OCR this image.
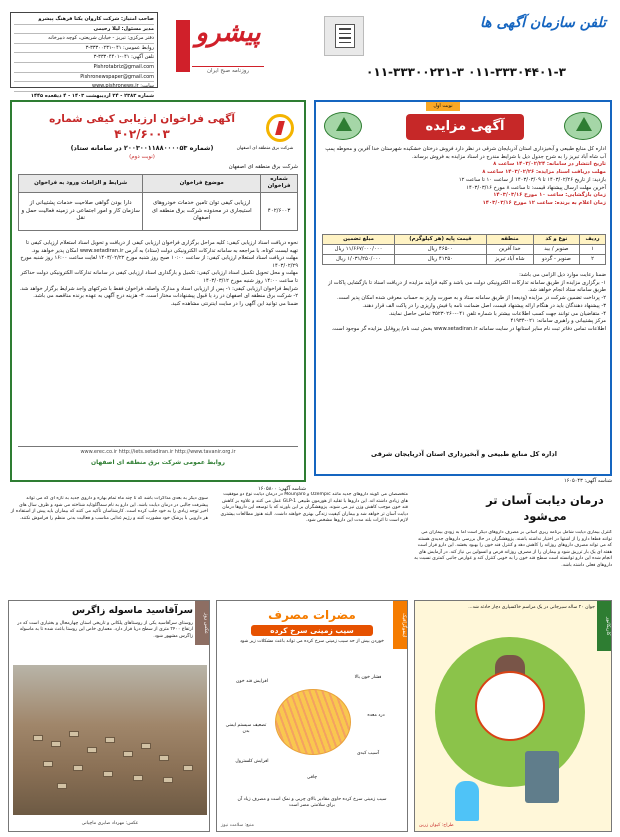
صاحب امتیاز: شرکت کاروان یکتا فرهنگ پیشرو
مدیر مسئول: لیلا رحیمی
دفتر مرکزی: تبریز - خیابان شریعتی، کوچه دبیرخانه
روابط عمومی: ۰۴۱-۳۳۳۰۰۲۳۱-۳
تلفن آگهی: ۰۴۱-۳۳۳۰۴۴۰۱-۳
Pishrotabriz@gmail.com
Pishronewspaper@gmail.com
سایت: www.pishronews.ir
شماره ۲۳۸۳ - ۲۴ اردیبهشت ۱۴۰۳ - ۴ ذیقعده ۱۴۴۵
پیشرو
روزنامه صبح ایران
تلفن سازمان آگهی ها
۰۱۱-۳۳۳۰۰۲۳۱-۳ ۰۱۱-۳۳۳۰۴۴۰۱-۳
شرکت برق منطقه ای اصفهان
آگهی فراخوان ارزیابی کیفی شماره
۴۰۲/۶۰۰۳
(شماره ۲۰۰۳۰۰۱۱۸۸۰۰۰۰۵۳ در سامانه ستاد)
(نوبت دوم)
شرکت برق منطقه ای اصفهان
شماره فراخوان	موضوع فراخوان	شرایط و الزامات ورود به فراخوان
۴۰۲/۶۰۰۳	ارزیابی کیفی توان تامین خدمات خودروهای استیجاری در محدوده شرکت برق منطقه ای اصفهان	دارا بودن گواهی صلاحیت خدمات پشتیبانی از سازمان کار و امور اجتماعی در زمینه فعالیت حمل و نقل

نحوه دریافت اسناد ارزیابی کیفی: کلیه مراحل برگزاری فراخوان ارزیابی کیفی از دریافت و تحویل اسناد استعلام ارزیابی کیفی تا تهیه لیست کوتاه، با مراجعه به سامانه تدارکات الکترونیکی دولت (ستاد) به آدرس www.setadiran.ir امکان پذیر خواهد بود.

مهلت دریافت اسناد استعلام ارزیابی کیفی: از ساعت ۱۰:۰۰ صبح روز شنبه مورخ ۱۴۰۳/۰۲/۲۲ لغایت ساعت ۱۶:۰۰ روز شنبه مورخ ۱۴۰۳/۰۲/۲۹

مهلت و محل تحویل تکمیل اسناد ارزیابی کیفی: تکمیل و بارگذاری اسناد ارزیابی کیفی در سامانه تدارکات الکترونیکی دولت حداکثر تا ساعت ۱۴:۰۰ روز شنبه مورخ ۱۴۰۳/۰۳/۱۲

شرایط فراخوان ارزیابی کیفی: ۱- پس از ارزیابی اسناد و مدارک واصله، فراخوان فقط با شرکتهای واجد شرایط برگزار خواهد شد. ۲- شرکت برق منطقه ای اصفهان در رد یا قبول پیشنهادات مختار است. ۳- هزینه درج آگهی به عهده برنده مناقصه می باشد.

ضمنا می توانید این آگهی را در سایت اینترنتی مشاهده کنید.

www.erec.co.ir http://iets.setadiran.ir http://www.tavanir.org.ir
روابط عمومی شرکت برق منطقه ای اصفهان
شناسه آگهی: ۱۶۰۵۸۰۰
نوبت اول
آگهی مزایده

اداره کل منابع طبیعی و آبخیزداری استان آذربایجان شرقی در نظر دارد فروش درختان خشکیده شهرستان خدا آفرین و محوطه پمپ آب شاه آباد تبریز را به شرح جدول ذیل با شرایط مندرج در اسناد مزایده به فروش برساند.

تاریخ انتشار در سامانه: ۱۴۰۳/۰۲/۲۴ ساعت ۸

مهلت دریافت اسناد مزایده: ۱۴۰۳/۰۲/۲۶ ساعت ۸

بازدید: از تاریخ ۱۴۰۳/۰۲/۲۶ تا ۱۴۰۳/۰۳/۰۹ از ساعت ۱۰ تا ساعت ۱۲

آخرین مهلت ارسال پیشنهاد قیمت: تا ساعت ۸ مورخ ۱۴۰۳/۰۳/۱۶

زمان بازگشایی: ساعت ۱۰ مورخ ۱۴۰۳/۰۳/۱۶

زمان اعلام به برنده: ساعت ۱۲ مورخ ۱۴۰۳/۰۳/۱۶

ردیف	نوع و کد	منطقه	قیمت پایه (هر کیلوگرم)	مبلغ تضمین
۱	صنوبر / بید	خدا آفرین	۴۶۵۰۰ ریال	۱۱/۶۶۷/۰۰۰/۰۰۰ ریال
۲	صنوبر - گردو	شاه آباد تبریز	۴۱۲۵۰ ریال	۱/۰۳۱/۲۵۰/۰۰۰ ریال

ضمنا رعایت موارد ذیل الزامی می باشد:

۱- برگزاری مزایده از طریق سامانه تدارکات الکترونیکی دولت می باشد و کلیه فرآیند مزایده از دریافت اسناد تا بازگشایی پاکات از طریق سامانه ستاد انجام خواهد شد.

۲- پرداخت تضمین شرکت در مزایده (ودیعه) از طریق سامانه ستاد و به صورت واریز به حساب معرفی شده امکان پذیر است.

۳- پیشنهاد دهندگان باید در هنگام ارائه پیشنهاد قیمت، اصل ضمانت نامه یا فیش واریزی را در پاکت الف قرار دهند.

۴- متقاضیان می توانند جهت کسب اطلاعات بیشتر با شماره تلفن ۰۴۱-۳۵۲۳۰۲۶۰ تماس حاصل نمایند.

مرکز پشتیبانی و راهبری سامانه: ۰۲۱-۴۱۹۳۴

اطلاعات تماس دفاتر ثبت نام سایر استانها در سایت سامانه www.setadiran.ir بخش ثبت نام/ پروفایل مزایده گر موجود است.

اداره کل منابع طبیعی و آبخیزداری استان آذربایجان شرقی
شناسه آگهی: ۱۶۰۵۰۴۳
درمان دیابت آسان تر می‌شود
کنترل بیماری دیابت شامل برنامه ریزی آسانی بر مصرف داروهای دیگر است اما به زودی بیماران می توانند قطعا دارو را از اشتها در اختیار نداشته باشند. پژوهشگران در حال بررسی داروهای جدیدی هستند که می تواند مصرف داروهای روزانه را کاهش دهد و کنترل قند خون را بهبود بخشد. این دارو قرار است هفته ای یک بار تزریق شود و بیماران را از مصرف روزانه قرص و انسولین بی نیاز کند. در آزمایش های انجام شده این دارو توانسته است سطح قند خون را به خوبی کنترل کند و عوارض جانبی کمتری نسبت به داروهای فعلی داشته باشد.
متخصصان می گویند داروهای جدید مانند Ozempic و Mounjaro در درمان دیابت نوع دو موفقیت های زیادی داشته اند. این داروها با تقلید از هورمون طبیعی GLP-1 عمل می کنند و علاوه بر کاهش قند خون موجب کاهش وزن نیز می شوند. پژوهشگران بر این باورند که با توسعه این داروها درمان دیابت آسان تر خواهد شد و بیماران کیفیت زندگی بهتری خواهند داشت. البته هنوز مطالعات بیشتری لازم است تا اثرات بلند مدت این داروها مشخص شود.
سوی دیگر به بعدی مذاکرات باشد که تا چند ماه تمام بهاره و داروی جدید به تازه ای که می تواند پیشرفت جالبی در درمان دیابت باشد. این دارو به نام سماگلوتاید شناخته می شود و ظرف سال های اخیر توجه زیادی را به خود جلب کرده است. کارشناسان تأکید می کنند که بیماران باید پیش از استفاده از هر دارویی با پزشک خود مشورت کنند و رژیم غذایی مناسب و فعالیت بدنی منظم را فراموش نکنند.
کاریکاتور
جوان ۲۰ ساله سیرجانی در یک مراسم خاکسپاری دچار حادثه شد...
طراح: کیوان زرین
اینفوگرافیک
مضرات مصرف
سیب زمینی سرخ کرده
خوردن بیش از حد سیب زمینی سرخ کرده می تواند باعث مشکلات زیر شود
افزایش قند خون
فشار خون بالا
درد معده
آسیب کبدی
تضعیف سیستم ایمنی بدن
افزایش کلسترول
چاقی
سیب زمینی سرخ کرده حاوی مقادیر بالای چربی و نمک است و مصرف زیاد آن برای سلامتی مضر است
منبع: سلامت نیوز
عکس روز
سرآقاسید ماسوله زاگرس
روستای سرآقاسید یکی از روستاهای پلکانی و تاریخی استان چهارمحال و بختیاری است که در ارتفاع ۲۴۰۰ متری از سطح دریا قرار دارد. معماری خاص این روستا باعث شده تا به ماسوله زاگرس مشهور شود.
عکس: مهرداد صابری ماچیانی
